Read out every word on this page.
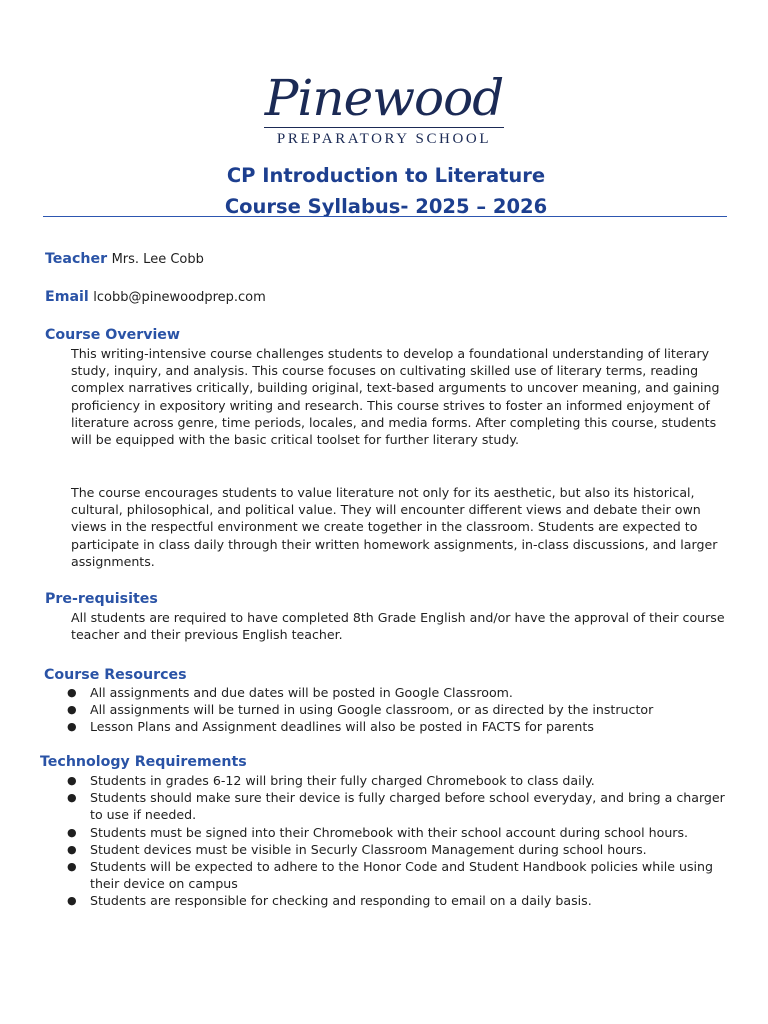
Pinewood
PREPARATORY SCHOOL
CP Introduction to Literature
Course Syllabus- 2025 – 2026
Teacher Mrs. Lee Cobb
Email lcobb@pinewoodprep.com
Course Overview

This writing-intensive course challenges students to develop a foundational understanding of literary study, inquiry, and analysis. This course focuses on cultivating skilled use of literary terms, reading complex narratives critically, building original, text-based arguments to uncover meaning, and gaining proficiency in expository writing and research. This course strives to foster an informed enjoyment of literature across genre, time periods, locales, and media forms. After completing this course, students will be equipped with the basic critical toolset for further literary study.

The course encourages students to value literature not only for its aesthetic, but also its historical, cultural, philosophical, and political value. They will encounter different views and debate their own views in the respectful environment we create together in the classroom. Students are expected to participate in class daily through their written homework assignments, in-class discussions, and larger assignments.

Pre-requisites

All students are required to have completed 8th Grade English and/or have the approval of their course teacher and their previous English teacher.

Course Resources
● All assignments and due dates will be posted in Google Classroom.
● All assignments will be turned in using Google classroom, or as directed by the instructor
● Lesson Plans and Assignment deadlines will also be posted in FACTS for parents
Technology Requirements
● Students in grades 6-12 will bring their fully charged Chromebook to class daily.
● Students should make sure their device is fully charged before school everyday, and bring a charger to use if needed.
● Students must be signed into their Chromebook with their school account during school hours.
● Student devices must be visible in Securly Classroom Management during school hours.
● Students will be expected to adhere to the Honor Code and Student Handbook policies while using their device on campus
● Students are responsible for checking and responding to email on a daily basis.
